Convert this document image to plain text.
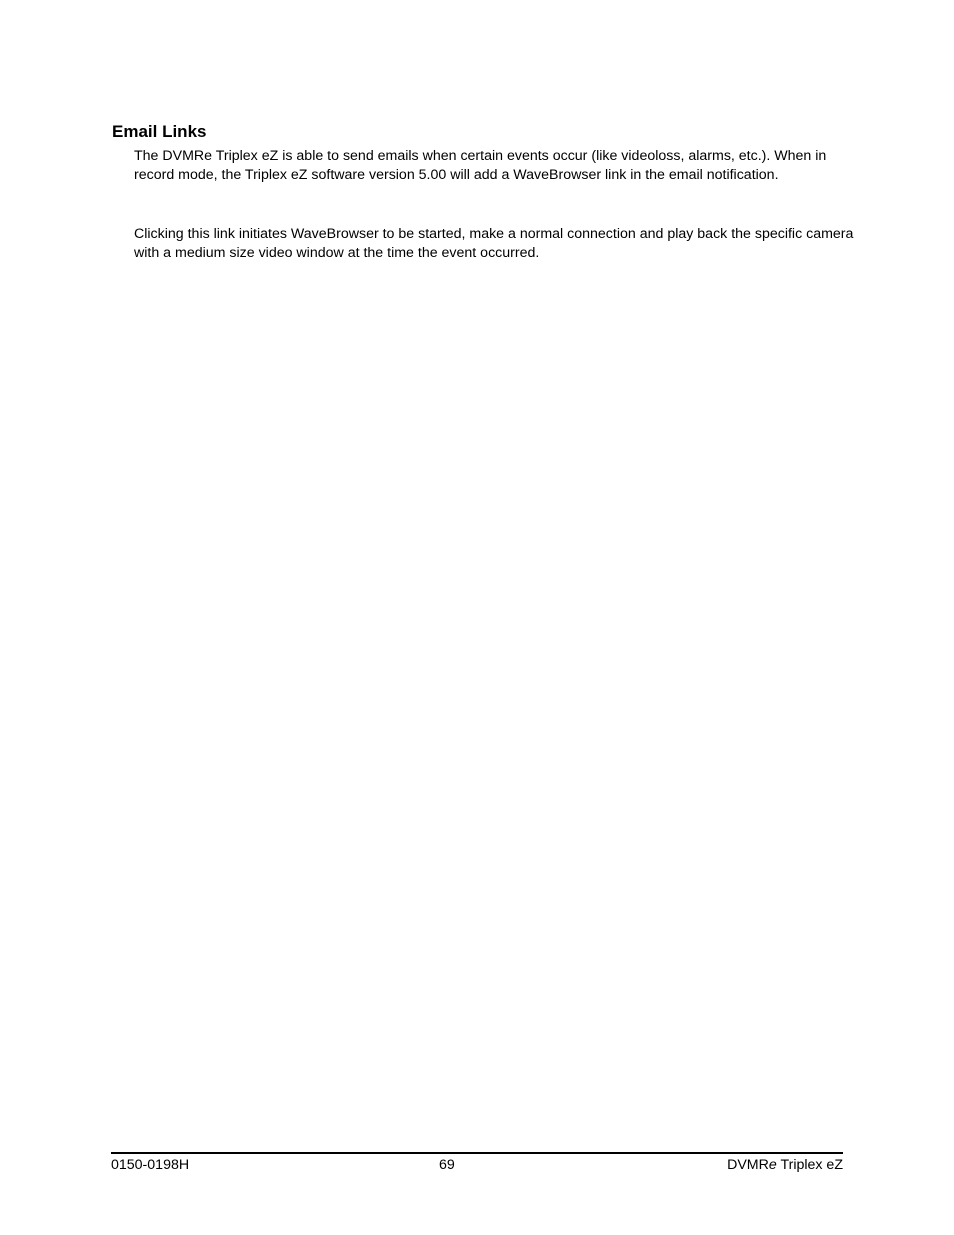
Email Links

The DVMRe Triplex eZ is able to send emails when certain events occur (like videoloss, alarms, etc.). When in record mode, the Triplex eZ software version 5.00 will add a WaveBrowser link in the email notification.

Clicking this link initiates WaveBrowser to be started, make a normal connection and play back the specific camera with a medium size video window at the time the event occurred.

0150-0198H	69	DVMRe Triplex eZ
